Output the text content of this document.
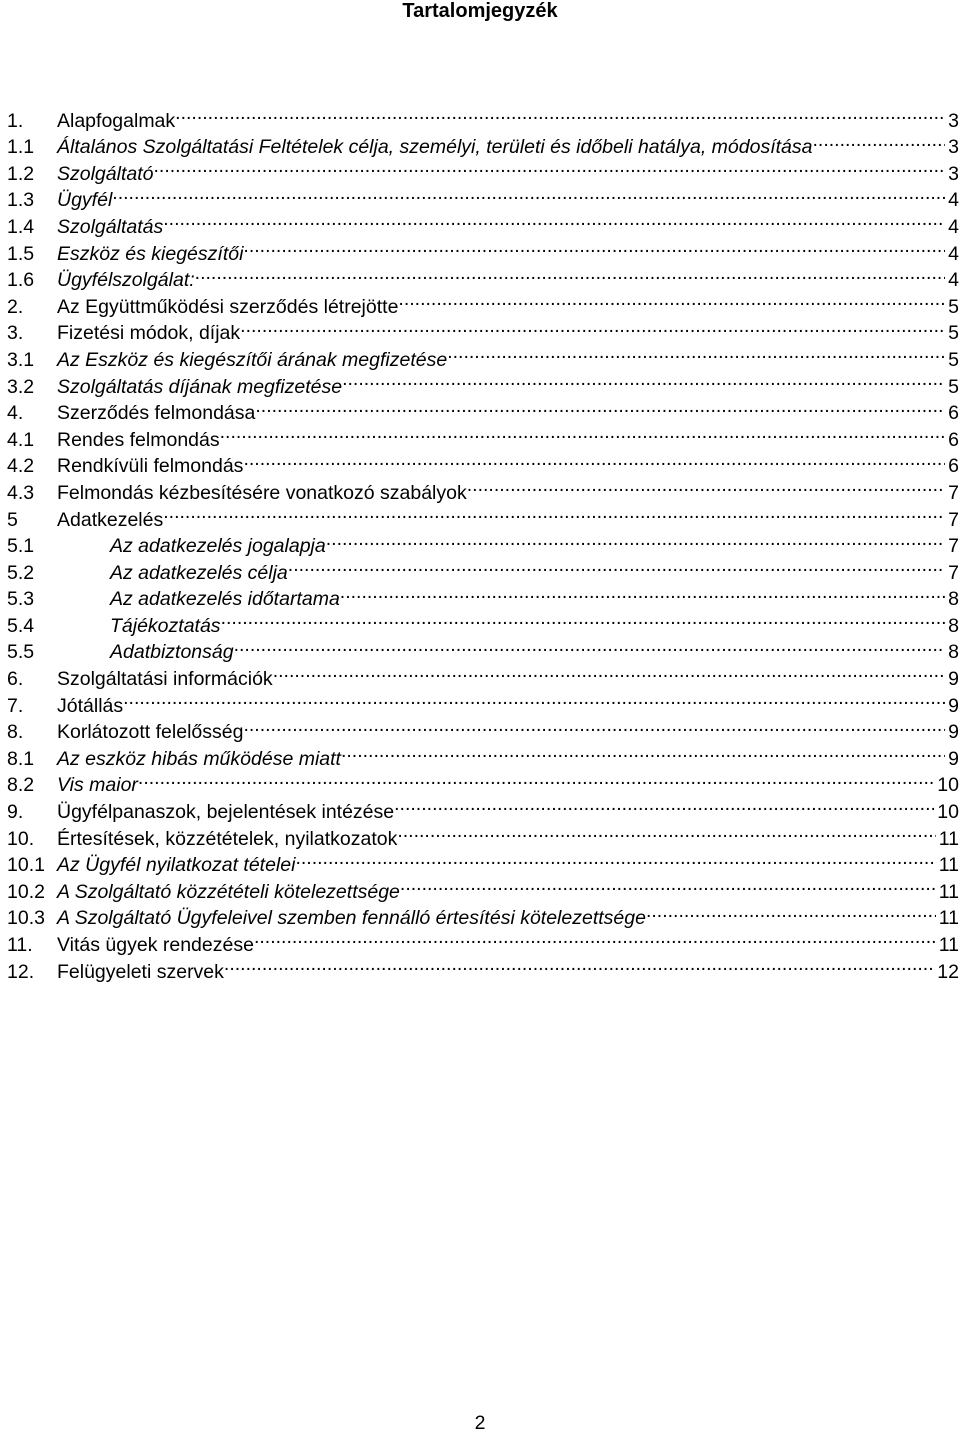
Tartalomjegyzék
1.	Alapfogalmak .....	3
1.1	Általános Szolgáltatási Feltételek célja, személyi, területi és időbeli hatálya, módosítása .....	3
1.2	Szolgáltató .....	3
1.3	Ügyfél .....	4
1.4	Szolgáltatás .....	4
1.5	Eszköz és kiegészítői .....	4
1.6	Ügyfélszolgálat: .....	4
2.	Az Együttműködési szerződés létrejötte .....	5
3.	Fizetési módok, díjak .....	5
3.1	Az Eszköz és kiegészítői árának megfizetése .....	5
3.2	Szolgáltatás díjának megfizetése .....	5
4.	Szerződés felmondása .....	6
4.1	Rendes felmondás .....	6
4.2	Rendkívüli felmondás .....	6
4.3	Felmondás kézbesítésére vonatkozó szabályok .....	7
5	Adatkezelés .....	7
5.1	Az adatkezelés jogalapja .....	7
5.2	Az adatkezelés célja .....	7
5.3	Az adatkezelés időtartama .....	8
5.4	Tájékoztatás .....	8
5.5	Adatbiztonság .....	8
6.	Szolgáltatási információk .....	9
7.	Jótállás .....	9
8.	Korlátozott felelősség .....	9
8.1	Az eszköz hibás működése miatt .....	9
8.2	Vis maior .....	10
9.	Ügyfélpanaszok, bejelentések intézése .....	10
10.	Értesítések, közzétételek, nyilatkozatok .....	11
10.1 Az Ügyfél nyilatkozat tételei .....	11
10.2 A Szolgáltató közzétételi kötelezettsége .....	11
10.3 A Szolgáltató Ügyfeleivel szemben fennálló értesítési kötelezettsége .....	11
11.	Vitás ügyek rendezése .....	11
12.	Felügyeleti szervek .....	12
2
